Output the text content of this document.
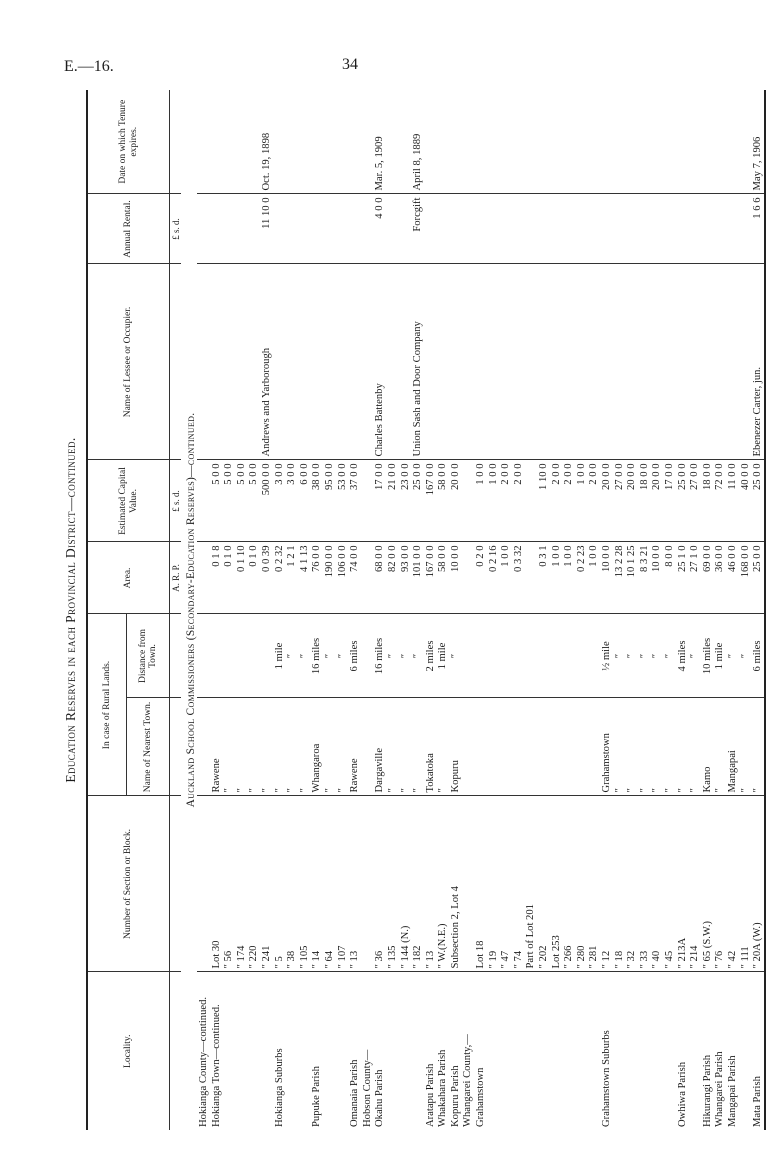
E.—16.	34
Education Reserves in each Provincial District—continued.
Locality.	Number of Section or Block.	In case of Rural Lands.		Area.	Estimated Capital Value.	Name of Lessee or Occupier.	Annual Rental.	Date on which Tenure expires.
		Name of Nearest Town.	Distance from Town.					
				A. R. P.	£ s. d.		£ s. d.	
Auckland School Commissioners (Secondary-Education Reserves)—continued.								
Hokianga County—continued.								
Hokianga Town—continued.	Lot 30	Rawene		0 1 8	5 0 0			
	″ 56	″		0 1 0	5 0 0			
	″ 174	″		0 1 10	5 0 0			
	″ 220	″		0 1 0	5 0 0			
	″ 241	″		0 0 39	500 0 0	Andrews and Yarborough	11 10 0	Oct. 19, 1898
Hokianga Suburbs	″ 5	″	1 mile	0 2 32	3 0 0			
	″ 38	″	″	1 2 1	3 0 0			
	″ 105	″	″	4 1 13	6 0 0			
Pupuke Parish	″ 14	Whangaroa	16 miles	76 0 0	38 0 0			
	″ 64	″	″	190 0 0	95 0 0			
	″ 107	″	″	106 0 0	53 0 0			
Omanaia Parish	″ 13	Rawene	6 miles	74 0 0	37 0 0			
Hobson County—								
Okahu Parish	″ 36	Dargaville	16 miles	68 0 0	17 0 0	Charles Battenby	4 0 0	Mar. 5, 1909
	″ 135	″	″	82 0 0	21 0 0			
	″ 144 (N.)	″	″	93 0 0	23 0 0			
	″ 182	″	″	101 0 0	25 0 0	Union Sash and Door Company	Forcgift	April 8, 1889
Aratapu Parish	″ 13	Tokatoka	2 miles	167 0 0	167 0 0			
Whakahara Parish	″ W.(N.E.)	″	1 mile	58 0 0	58 0 0			
Kopuru Parish	Subsection 2, Lot 4	Kopuru	″	10 0 0	20 0 0			
Whangarei County,—								
Grahamstown	Lot 18			0 2 0	1 0 0			
	″ 19			0 2 16	1 0 0			
	″ 47			1 0 0	2 0 0			
	″ 74			0 3 32	2 0 0			
	Part of Lot 201							
	″ 202			0 3 1	1 10 0			
	Lot 253			1 0 0	2 0 0			
	″ 266			1 0 0	2 0 0			
	″ 280			0 2 23	1 0 0			
	″ 281			1 0 0	2 0 0			
Grahamstown Suburbs	″ 12	Grahamstown	½ mile	10 0 0	20 0 0			
	″ 18	″	″	13 2 28	27 0 0			
	″ 32	″	″	10 1 25	20 0 0			
	″ 33	″	″	8 3 21	18 0 0			
	″ 40	″	″	10 0 0	20 0 0			
	″ 45	″	″	8 0 0	17 0 0			
Owhiwa Parish	″ 213A	″	4 miles	25 1 0	25 0 0			
	″ 214	″	″	27 1 0	27 0 0			
Hikurangi Parish	″ 65 (S.W.)	Kamo	10 miles	69 0 0	18 0 0			
Whangarei Parish	″ 76	″	1 mile	36 0 0	72 0 0			
Mangapai Parish	″ 42	Mangapai	″	46 0 0	11 0 0			
	″ 111	″	″	168 0 0	40 0 0			
Mata Parish	″ 20A (W.)	″	6 miles	25 0 0	25 0 0	Ebenezer Carter, jun.	1 6 6	May 7, 1906
